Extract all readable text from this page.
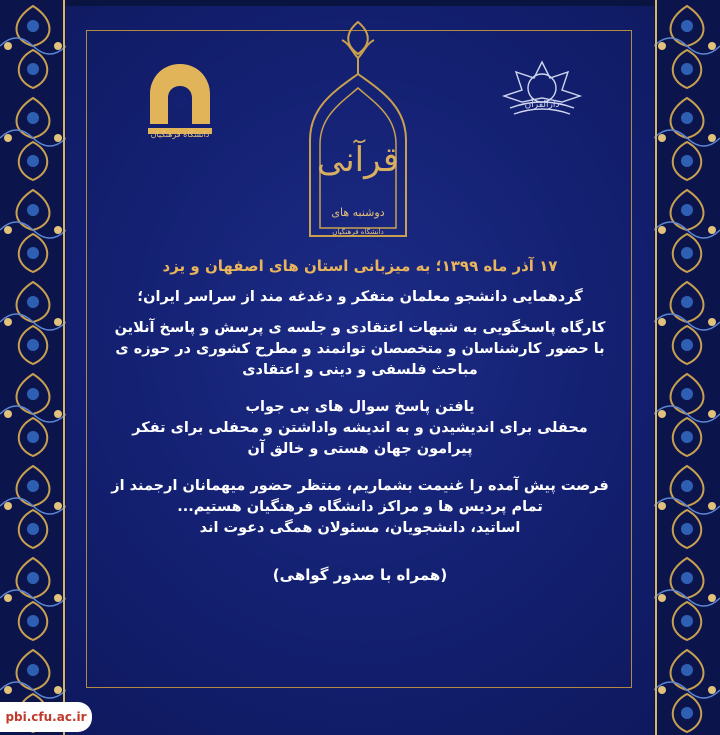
دانشگاه فرهنگیان
قرآنی
دوشنبه های
دانشگاه فرهنگیان
دارالقرآن
۱۷ آذر ماه ۱۳۹۹؛ به میزبانی استان های اصفهان و یزد
گردهمایی دانشجو معلمان متفکر و دغدغه مند از سراسر ایران؛
کارگاه پاسخگویی به شبهات اعتقادی و جلسه ی پرسش و پاسخ آنلاین
با حضور کارشناسان و متخصصان توانمند و مطرح کشوری در حوزه ی
مباحث فلسفی و دینی و اعتقادی
یافتن پاسخ سوال های بی جواب
محفلی برای اندیشیدن و به اندیشه واداشتن و محفلی برای تفکر
پیرامون جهان هستی و خالق آن
فرصت پیش آمده را غنیمت بشماریم، منتظر حضور میهمانان ارجمند از
تمام پردیس ها و مراکز دانشگاه فرهنگیان هستیم...
اساتید، دانشجویان، مسئولان همگی دعوت اند
(همراه با صدور گواهی)
pbi.cfu.ac.ir
